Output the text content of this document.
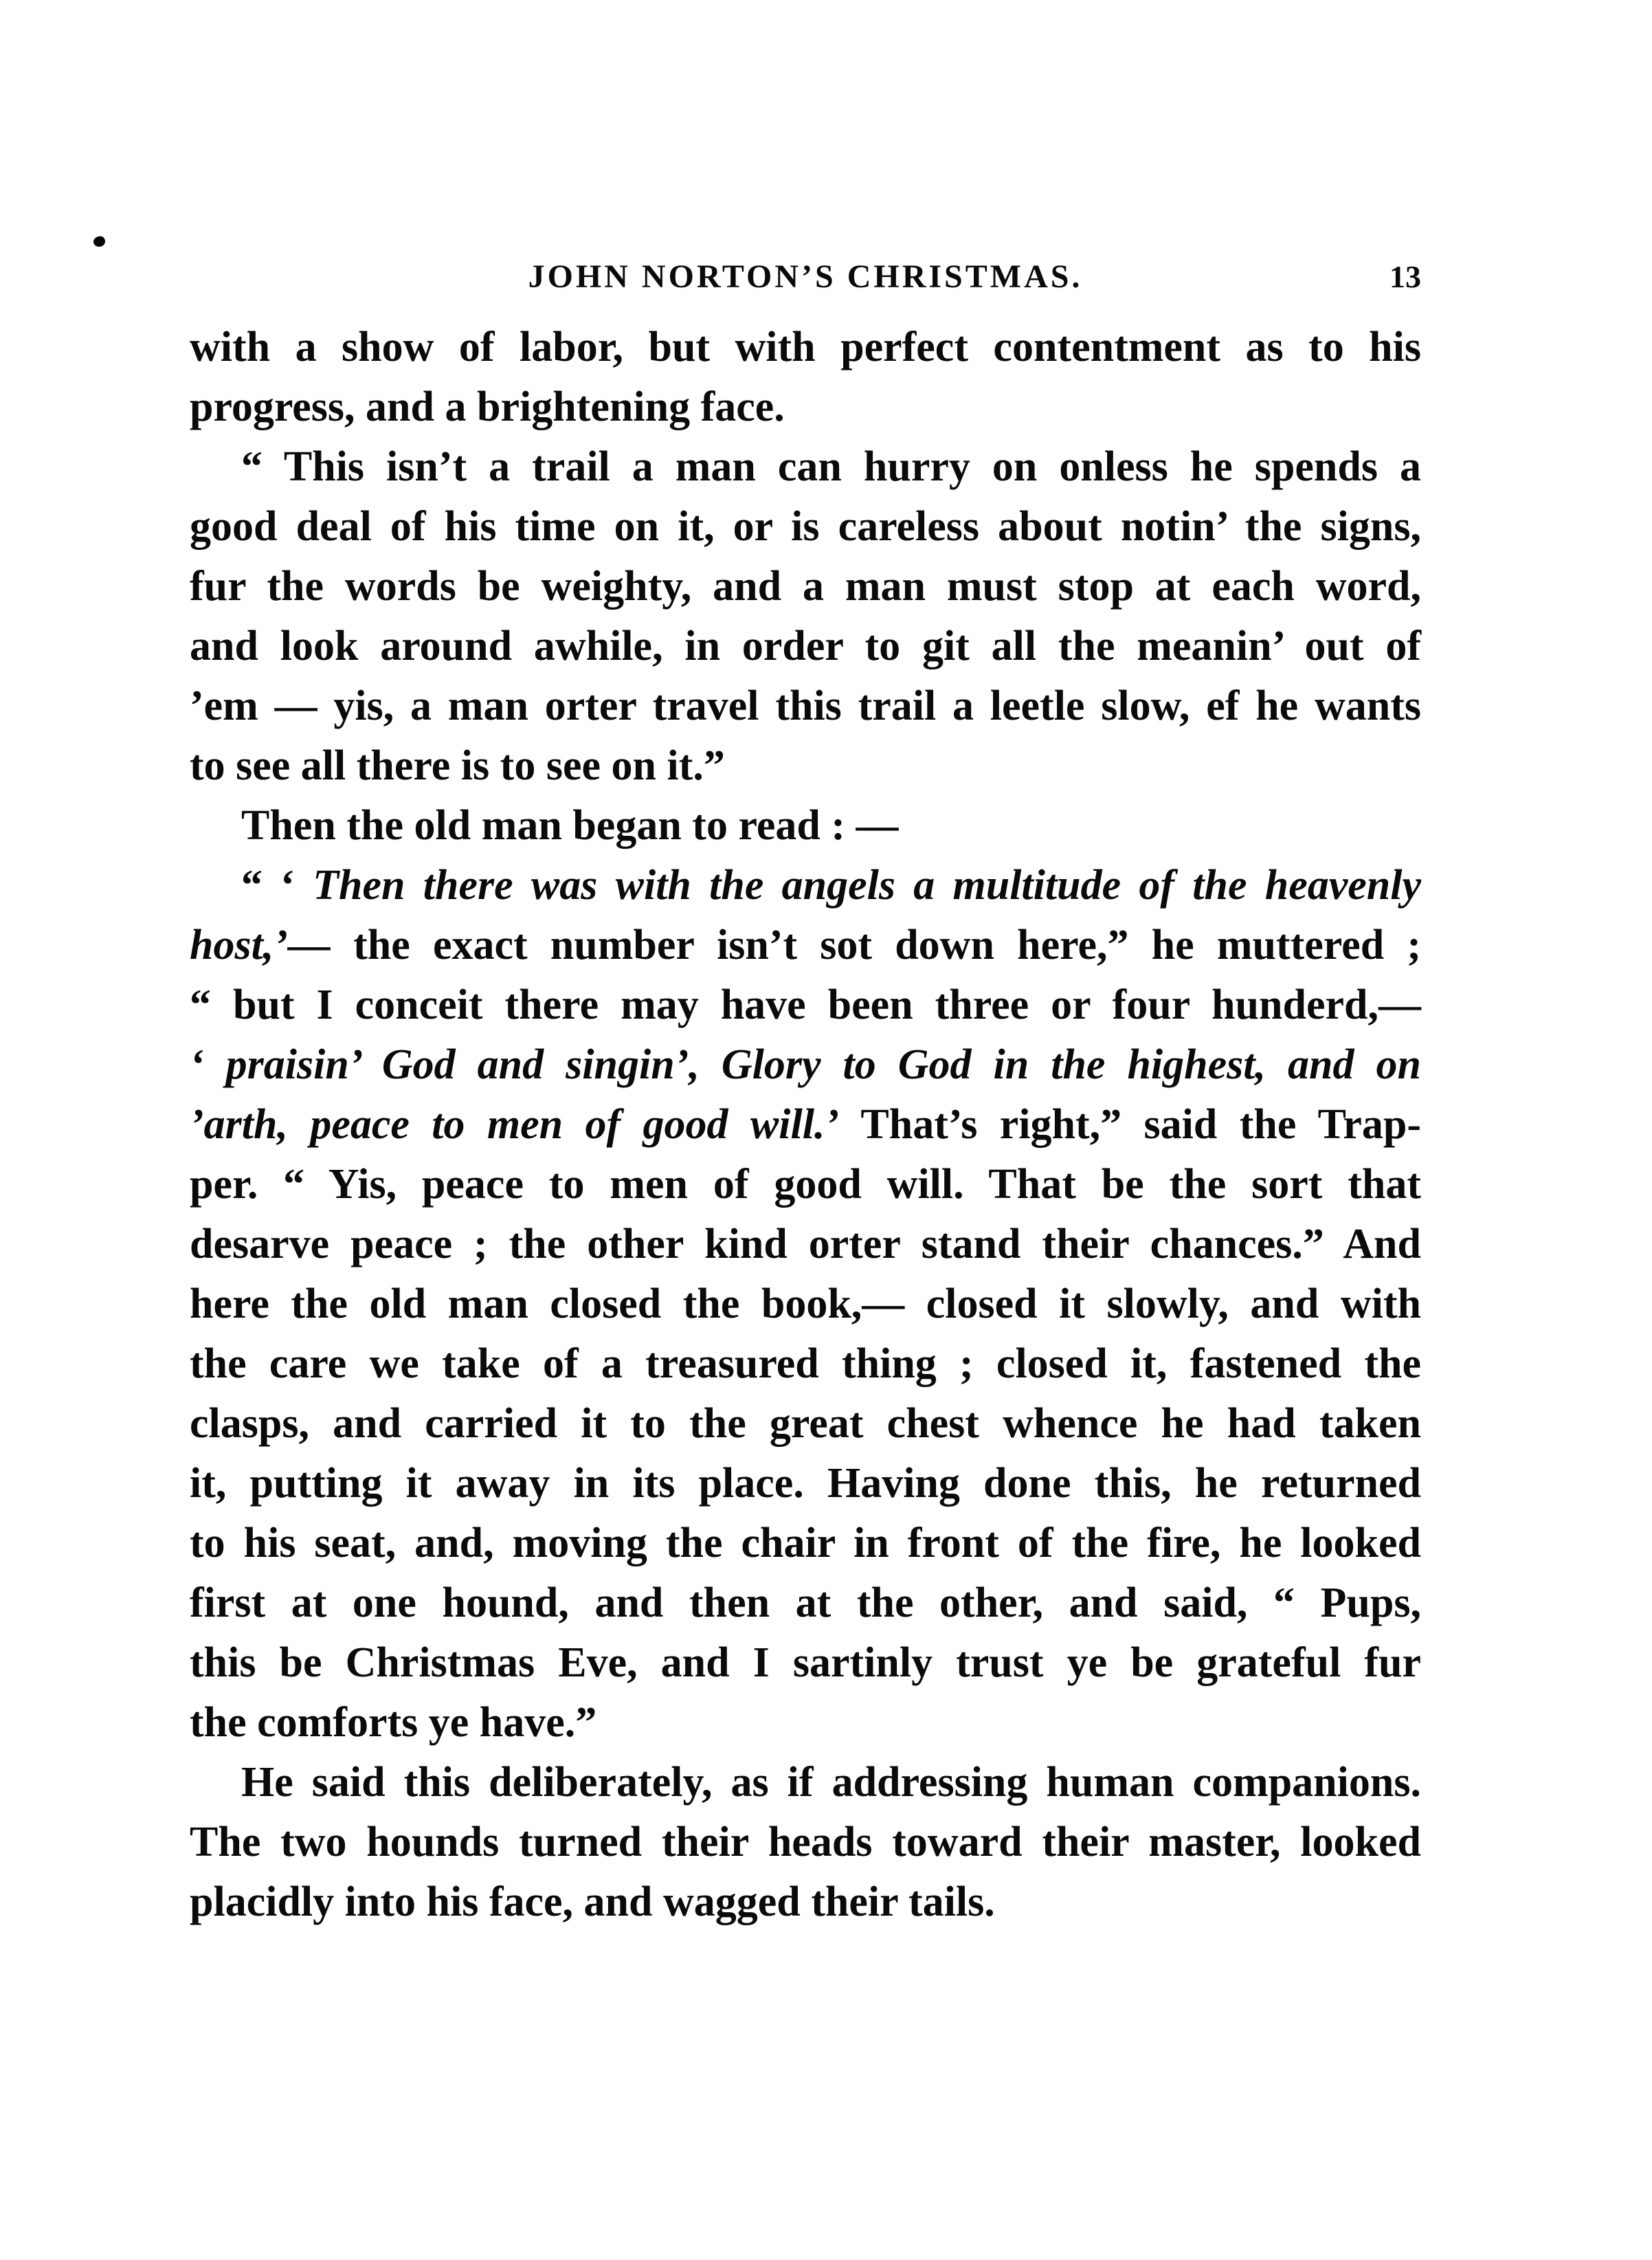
JOHN NORTON’S CHRISTMAS.	13
with a show of labor, but with perfect contentment as to his
progress, and a brightening face.
“ This isn’t a trail a man can hurry on onless he spends a
good deal of his time on it, or is careless about notin’ the signs,
fur the words be weighty, and a man must stop at each word,
and look around awhile, in order to git all the meanin’ out of
’em — yis, a man orter travel this trail a leetle slow, ef he wants
to see all there is to see on it.”
Then the old man began to read : —
“ ‘ Then there was with the angels a multitude of the heavenly
host,’— the exact number isn’t sot down here,” he muttered ;
“ but I conceit there may have been three or four hunderd,—
‘ praisin’ God and singin’, Glory to God in the highest, and on
’arth, peace to men of good will.’ That’s right,” said the Trap-
per. “ Yis, peace to men of good will. That be the sort that
desarve peace ; the other kind orter stand their chances.” And
here the old man closed the book,— closed it slowly, and with
the care we take of a treasured thing ; closed it, fastened the
clasps, and carried it to the great chest whence he had taken
it, putting it away in its place. Having done this, he returned
to his seat, and, moving the chair in front of the fire, he looked
first at one hound, and then at the other, and said, “ Pups,
this be Christmas Eve, and I sartinly trust ye be grateful fur
the comforts ye have.”
He said this deliberately, as if addressing human companions.
The two hounds turned their heads toward their master, looked
placidly into his face, and wagged their tails.
